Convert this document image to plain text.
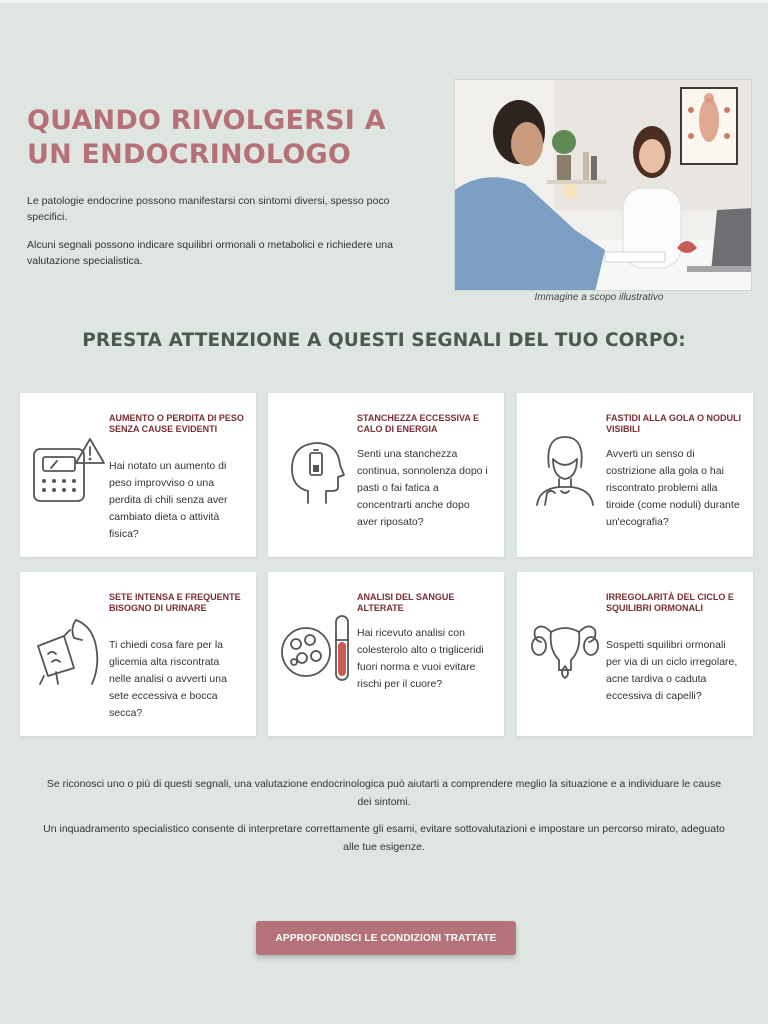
QUANDO RIVOLGERSI A UN ENDOCRINOLOGO

Le patologie endocrine possono manifestarsi con sintomi diversi, spesso poco specifici.

Alcuni segnali possono indicare squilibri ormonali o metabolici e richiedere una valutazione specialistica.

Immagine a scopo illustrativo

PRESTA ATTENZIONE A QUESTI SEGNALI DEL TUO CORPO:

AUMENTO O PERDITA DI PESO SENZA CAUSE EVIDENTI

Hai notato un aumento di peso improvviso o una perdita di chili senza aver cambiato dieta o attività fisica?

STANCHEZZA ECCESSIVA E CALO DI ENERGIA

Senti una stanchezza continua, sonnolenza dopo i pasti o fai fatica a concentrarti anche dopo aver riposato?

FASTIDI ALLA GOLA O NODULI VISIBILI

Avverti un senso di costrizione alla gola o hai riscontrato problemi alla tiroide (come noduli) durante un'ecografia?

SETE INTENSA E FREQUENTE BISOGNO DI URINARE

Ti chiedi cosa fare per la glicemia alta riscontrata nelle analisi o avverti una sete eccessiva e bocca secca?

ANALISI DEL SANGUE ALTERATE

Hai ricevuto analisi con colesterolo alto o trigliceridi fuori norma e vuoi evitare rischi per il cuore?

IRREGOLARITÀ DEL CICLO E SQUILIBRI ORMONALI

Sospetti squilibri ormonali per via di un ciclo irregolare, acne tardiva o caduta eccessiva di capelli?

Se riconosci uno o più di questi segnali, una valutazione endocrinologica può aiutarti a comprendere meglio la situazione e a individuare le cause dei sintomi.

Un inquadramento specialistico consente di interpretare correttamente gli esami, evitare sottovalutazioni e impostare un percorso mirato, adeguato alle tue esigenze.

APPROFONDISCI LE CONDIZIONI TRATTATE
